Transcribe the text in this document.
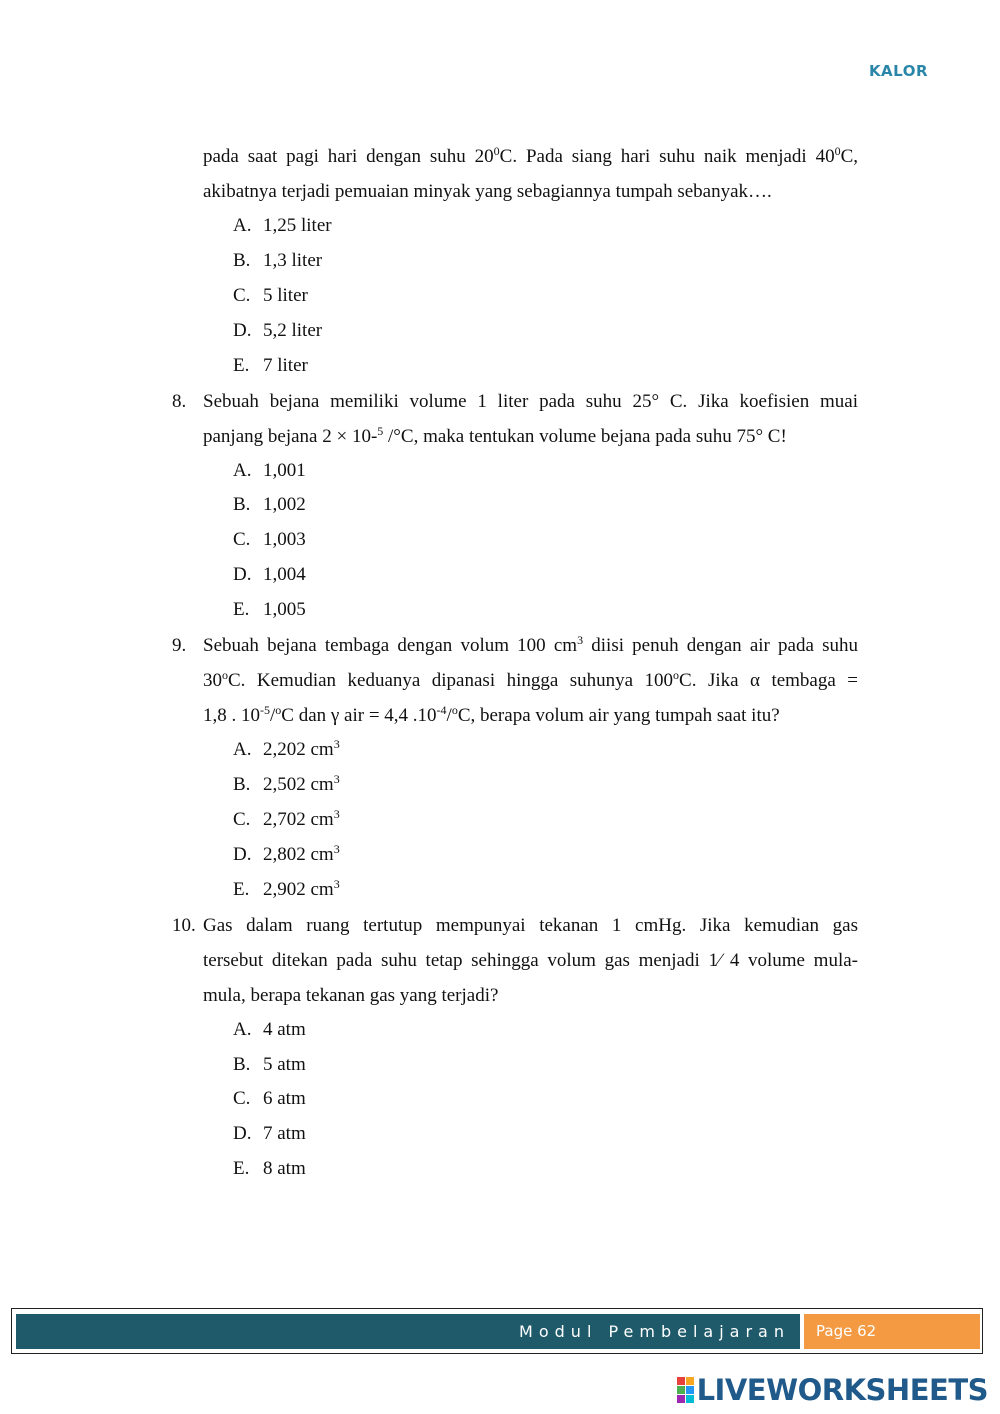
KALOR
pada saat pagi hari dengan suhu $20^0C$. Pada siang hari suhu naik menjadi $40^0C$,
akibatnya terjadi pemuaian minyak yang sebagiannya tumpah sebanyak….
A. 1,25 liter
B. 1,3 liter
C. 5 liter
D. 5,2 liter
E. 7 liter
8. Sebuah bejana memiliki volume 1 liter pada suhu 25° C. Jika koefisien muai
panjang bejana 2 × 10-$^5$ /°C, maka tentukan volume bejana pada suhu 75° C!
A. 1,001
B. 1,002
C. 1,003
D. 1,004
E. 1,005
9. Sebuah bejana tembaga dengan volum 100 $cm^3$ diisi penuh dengan air pada suhu
30$^o$C. Kemudian keduanya dipanasi hingga suhunya 100$^o$C. Jika α tembaga =
1,8 . $10^{-5}/^oC$ dan γ air = 4,4 $.10^{-4}/^oC$, berapa volum air yang tumpah saat itu?
A. 2,202 $cm^3$
B. 2,502 $cm^3$
C. 2,702 $cm^3$
D. 2,802 $cm^3$
E. 2,902 $cm^3$
10. Gas dalam ruang tertutup mempunyai tekanan 1 cmHg. Jika kemudian gas
tersebut ditekan pada suhu tetap sehingga volum gas menjadi 1⁄ 4 volume mula-
mula, berapa tekanan gas yang terjadi?
A. 4 atm
B. 5 atm
C. 6 atm
D. 7 atm
E. 8 atm
Modul Pembelajaran	Page 62
LIVEWORKSHEETS
